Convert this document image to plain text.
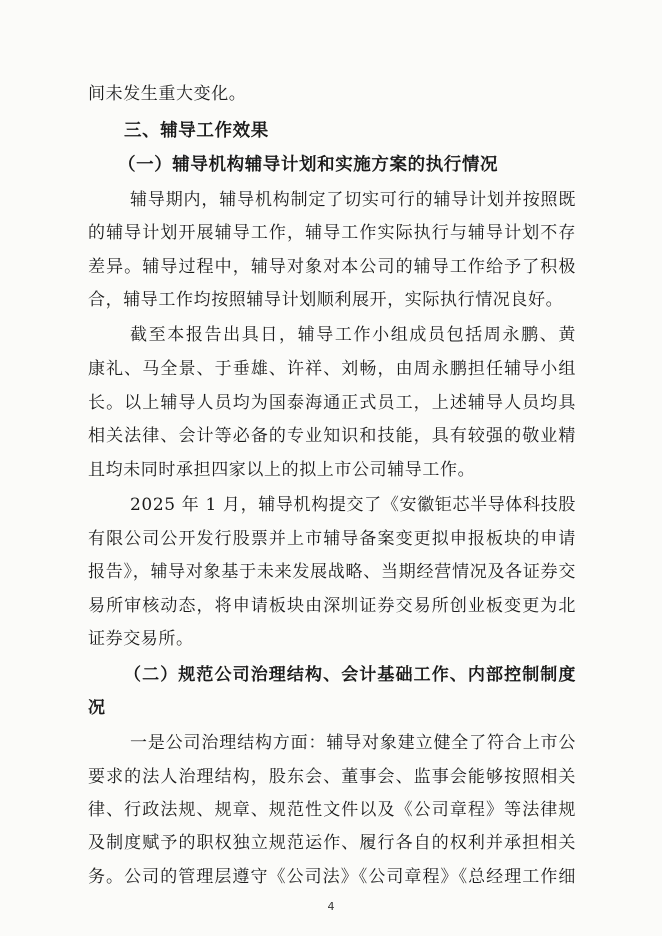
间未发生重大变化。
三、辅导工作效果
（一）辅导机构辅导计划和实施方案的执行情况
辅导期内，辅导机构制定了切实可行的辅导计划并按照既
的辅导计划开展辅导工作，辅导工作实际执行与辅导计划不存
差异。辅导过程中，辅导对象对本公司的辅导工作给予了积极
合，辅导工作均按照辅导计划顺利展开，实际执行情况良好。
截至本报告出具日，辅导工作小组成员包括周永鹏、黄
康礼、马全景、于垂雄、许祥、刘畅，由周永鹏担任辅导小组
长。以上辅导人员均为国泰海通正式员工，上述辅导人员均具
相关法律、会计等必备的专业知识和技能，具有较强的敬业精
且均未同时承担四家以上的拟上市公司辅导工作。
2025 年 1 月，辅导机构提交了《安徽钜芯半导体科技股
有限公司公开发行股票并上市辅导备案变更拟申报板块的申请
报告》，辅导对象基于未来发展战略、当期经营情况及各证券交
易所审核动态，将申请板块由深圳证券交易所创业板变更为北
证券交易所。
（二）规范公司治理结构、会计基础工作、内部控制制度
况
一是公司治理结构方面：辅导对象建立健全了符合上市公
要求的法人治理结构，股东会、董事会、监事会能够按照相关
律、行政法规、规章、规范性文件以及《公司章程》等法律规
及制度赋予的职权独立规范运作、履行各自的权利并承担相关
4
务。公司的管理层遵守《公司法》《公司章程》《总经理工作细
